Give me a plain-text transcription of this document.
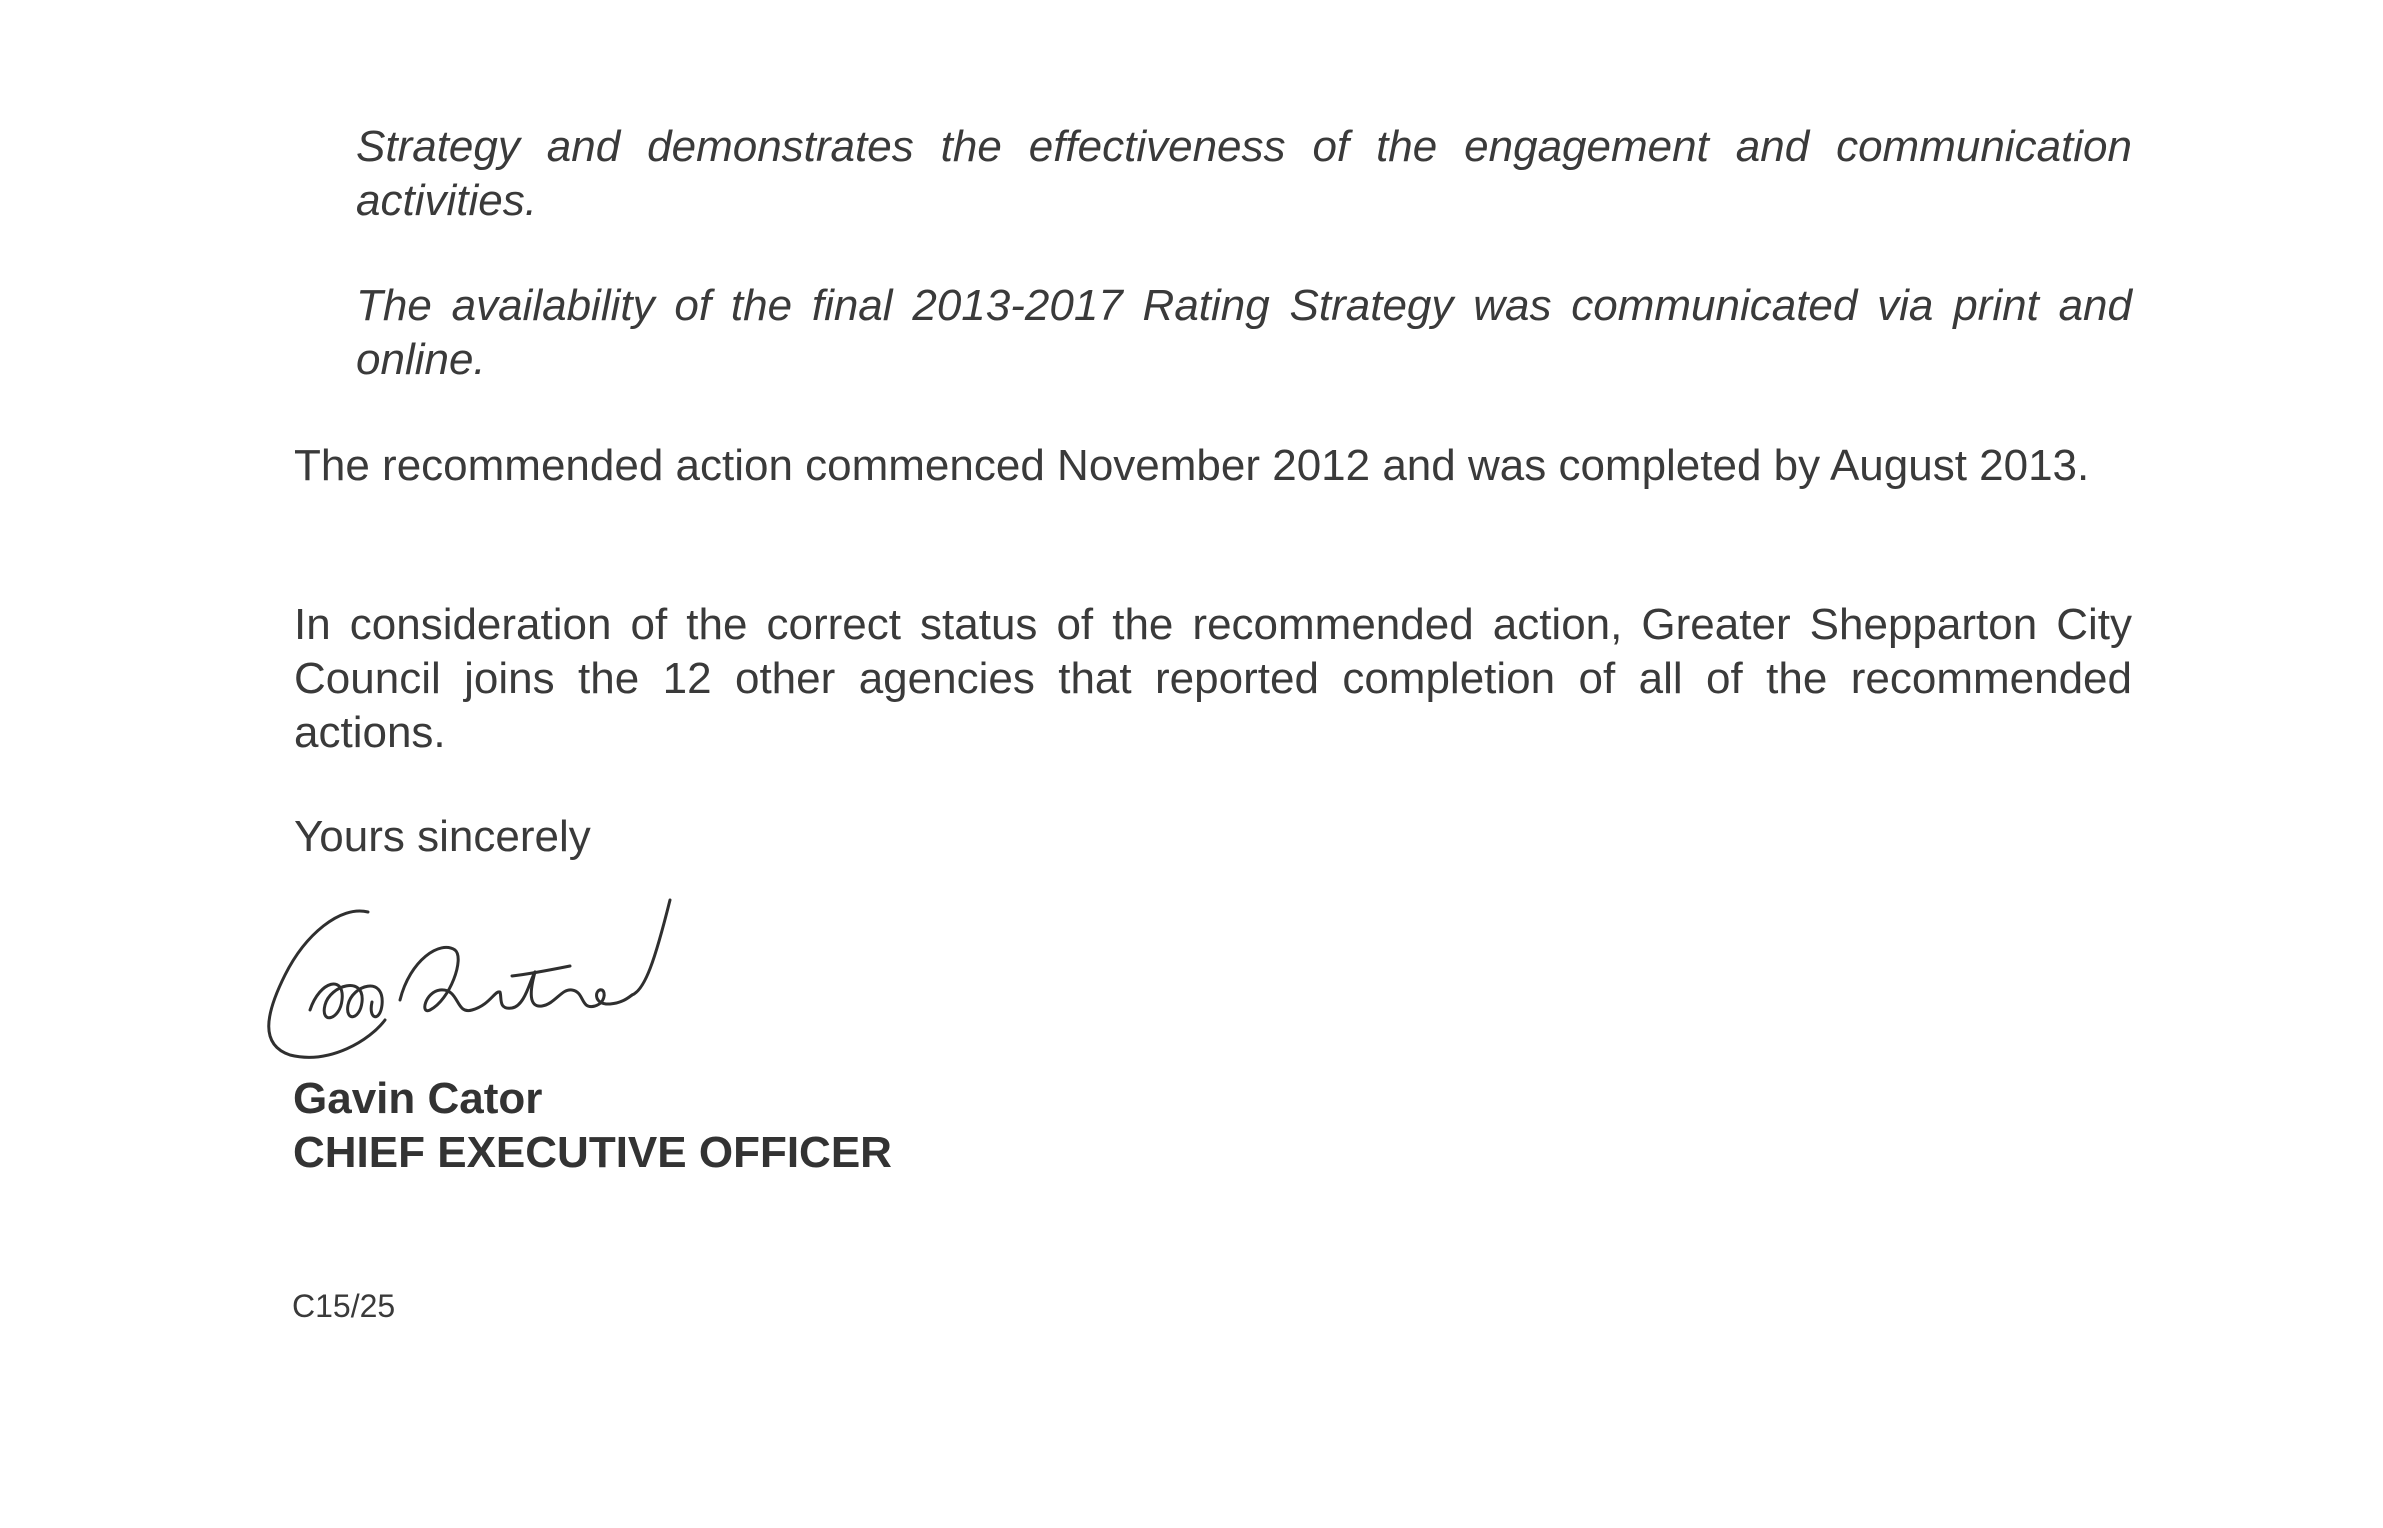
Strategy and demonstrates the effectiveness of the engagement and communication activities.

The availability of the final 2013-2017 Rating Strategy was communicated via print and online.

The recommended action commenced November 2012 and was completed by August 2013.

In consideration of the correct status of the recommended action, Greater Shepparton City Council joins the 12 other agencies that reported completion of all of the recommended actions.

Yours sincerely

Gavin Cator

CHIEF EXECUTIVE OFFICER

C15/25
